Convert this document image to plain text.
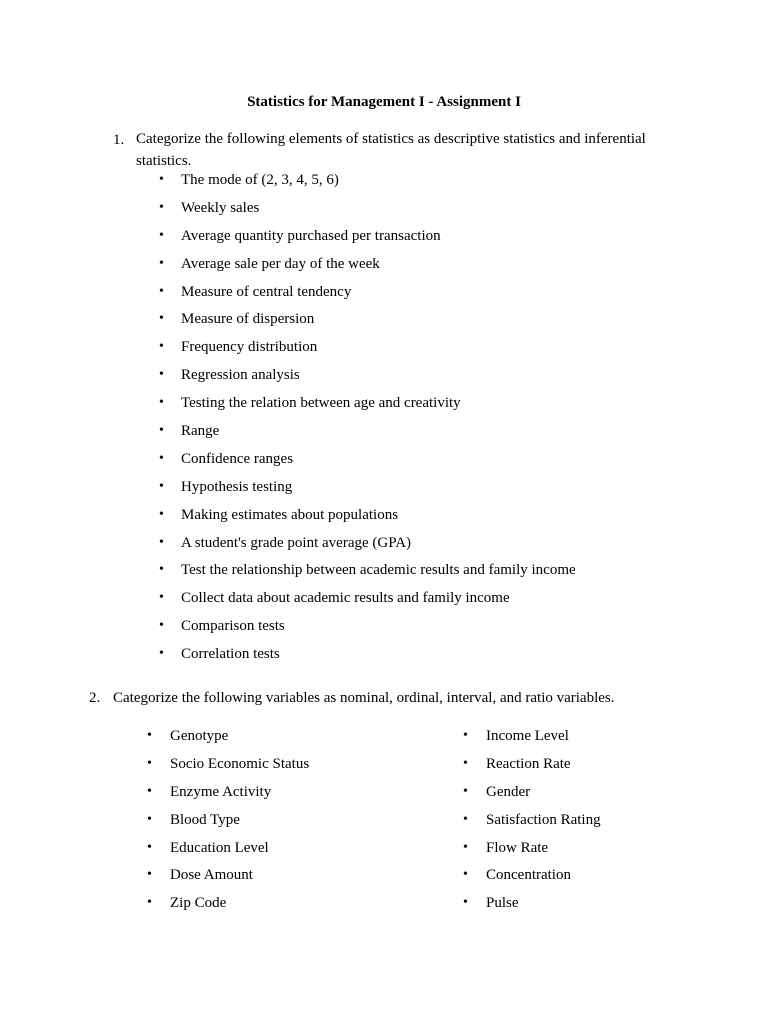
Statistics for Management I - Assignment I
1. Categorize the following elements of statistics as descriptive statistics and inferential statistics.
• The mode of (2, 3, 4, 5, 6)
• Weekly sales
• Average quantity purchased per transaction
• Average sale per day of the week
• Measure of central tendency
• Measure of dispersion
• Frequency distribution
• Regression analysis
• Testing the relation between age and creativity
• Range
• Confidence ranges
• Hypothesis testing
• Making estimates about populations
• A student's grade point average (GPA)
• Test the relationship between academic results and family income
• Collect data about academic results and family income
• Comparison tests
• Correlation tests
2. Categorize the following variables as nominal, ordinal, interval, and ratio variables.
• Genotype
• Socio Economic Status
• Enzyme Activity
• Blood Type
• Education Level
• Dose Amount
• Zip Code
• Income Level
• Reaction Rate
• Gender
• Satisfaction Rating
• Flow Rate
• Concentration
• Pulse
